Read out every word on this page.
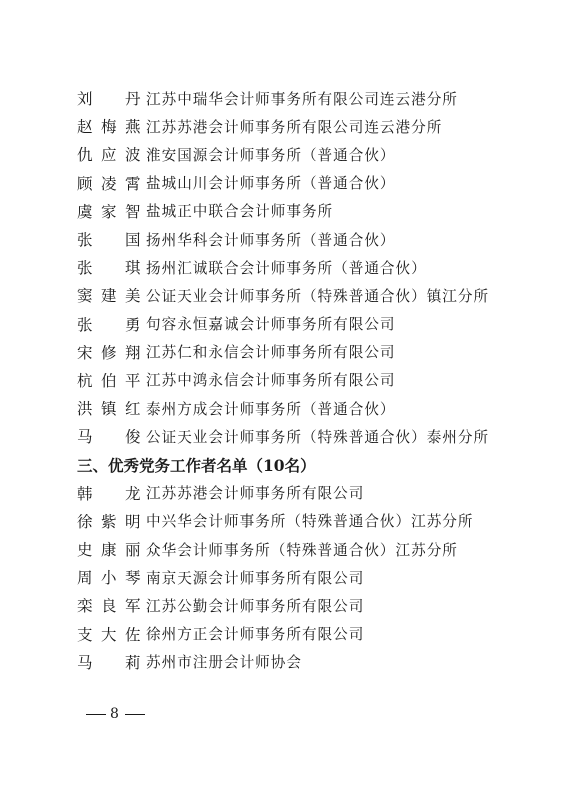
刘　丹 江苏中瑞华会计师事务所有限公司连云港分所
赵梅燕 江苏苏港会计师事务所有限公司连云港分所
仇应波 淮安国源会计师事务所（普通合伙）
顾凌霄 盐城山川会计师事务所（普通合伙）
虞家智 盐城正中联合会计师事务所
张　国 扬州华科会计师事务所（普通合伙）
张　琪 扬州汇诚联合会计师事务所（普通合伙）
窦建美 公证天业会计师事务所（特殊普通合伙）镇江分所
张　勇 句容永恒嘉诚会计师事务所有限公司
宋修翔 江苏仁和永信会计师事务所有限公司
杭伯平 江苏中鸿永信会计师事务所有限公司
洪镇红 泰州方成会计师事务所（普通合伙）
马　俊 公证天业会计师事务所（特殊普通合伙）泰州分所
三、优秀党务工作者名单（10名）
韩　龙 江苏苏港会计师事务所有限公司
徐紫明 中兴华会计师事务所（特殊普通合伙）江苏分所
史康丽 众华会计师事务所（特殊普通合伙）江苏分所
周小琴 南京天源会计师事务所有限公司
栾良军 江苏公勤会计师事务所有限公司
支大佐 徐州方正会计师事务所有限公司
马　莉 苏州市注册会计师协会
8
